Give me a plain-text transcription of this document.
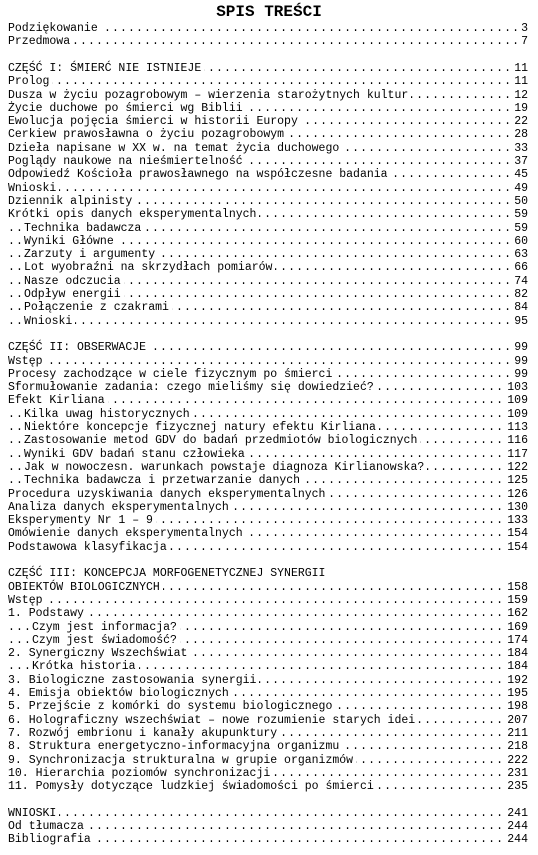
SPIS TREŚCI
. . .
Podziękowanie	3
. . .
Przedmowa	7
. . .
CZĘŚĆ I: ŚMIERĆ NIE ISTNIEJE	11
. . .
Prolog	11
. . .
Dusza w życiu pozagrobowym – wierzenia starożytnych kultur	12
. . .
Życie duchowe po śmierci wg Biblii	19
. . .
Ewolucja pojęcia śmierci w historii Europy	22
. . .
Cerkiew prawosławna o życiu pozagrobowym	28
. . .
Dzieła napisane w XX w. na temat życia duchowego	33
. . .
Poglądy naukowe na nieśmiertelność	37
. . .
Odpowiedź Kościoła prawosławnego na współczesne badania	45
. . .
Wnioski	49
. . .
Dziennik alpinisty	50
. . .
Krótki opis danych eksperymentalnych	59
. . .
Technika badawcza	59
. . .
Wyniki Główne	60
. . .
Zarzuty i argumenty	63
. . .
Lot wyobraźni na skrzydłach pomiarów	66
. . .
Nasze odczucia	74
. . .
Odpływ energii	82
. . .
Połączenie z czakrami	84
. . .
Wnioski	95
. . .
CZĘŚĆ II: OBSERWACJE	99
. . .
Wstęp	99
. . .
Procesy zachodzące w ciele fizycznym po śmierci	99
. . .
Sformułowanie zadania: czego mieliśmy się dowiedzieć?	103
. . .
Efekt Kirliana	109
. . .
Kilka uwag historycznych	109
. . .
Niektóre koncepcje fizycznej natury efektu Kirliana	113
. . .
Zastosowanie metod GDV do badań przedmiotów biologicznych	116
. . .
Wyniki GDV badań stanu człowieka	117
. . .
Jak w nowoczesn. warunkach powstaje diagnoza Kirlianowska?	122
. . .
Technika badawcza i przetwarzanie danych	125
. . .
Procedura uzyskiwania danych eksperymentalnych	126
. . .
Analiza danych eksperymentalnych	130
. . .
Eksperymenty Nr 1 – 9	133
. . .
Omówienie danych eksperymentalnych	154
. . .
Podstawowa klasyfikacja	154
CZĘŚĆ III: KONCEPCJA MORFOGENETYCZNEJ SYNERGII
. . .
OBIEKTÓW BIOLOGICZNYCH	158
. . .
Wstęp	159
. . .
1. Podstawy	162
. . .
Czym jest informacja?	169
. . .
Czym jest świadomość?	174
. . .
2. Synergiczny Wszechświat	184
. . .
Krótka historia	184
. . .
3. Biologiczne zastosowania synergii	192
. . .
4. Emisja obiektów biologicznych	195
. . .
5. Przejście z komórki do systemu biologicznego	198
. . .
6. Holograficzny wszechświat – nowe rozumienie starych idei	207
. . .
7. Rozwój embrionu i kanały akupunktury	211
. . .
8. Struktura energetyczno-informacyjna organizmu	218
. . .
9. Synchronizacja strukturalna w grupie organizmów	222
. . .
10. Hierarchia poziomów synchronizacji	231
. . .
11. Pomysły dotyczące ludzkiej świadomości po śmierci	235
. . .
WNIOSKI	241
. . .
Od tłumacza	244
. . .
Bibliografia	244
